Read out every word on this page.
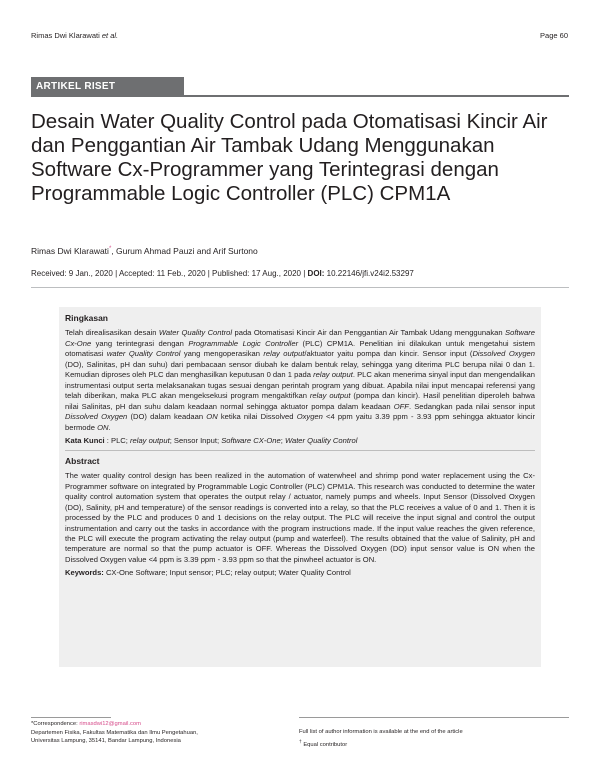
Rimas Dwi Klarawati et al.	Page 60
ARTIKEL RISET
Desain Water Quality Control pada Otomatisasi Kincir Air dan Penggantian Air Tambak Udang Menggunakan Software Cx-Programmer yang Terintegrasi dengan Programmable Logic Controller (PLC) CPM1A
Rimas Dwi Klarawati*, Gurum Ahmad Pauzi and Arif Surtono
Received: 9 Jan., 2020 | Accepted: 11 Feb., 2020 | Published: 17 Aug., 2020 | DOI: 10.22146/jfi.v24i2.53297
Ringkasan
Telah direalisasikan desain Water Quality Control pada Otomatisasi Kincir Air dan Penggantian Air Tambak Udang menggunakan Software Cx-One yang terintegrasi dengan Programmable Logic Controller (PLC) CPM1A. Penelitian ini dilakukan untuk mengetahui sistem otomatisasi water Quality Control yang mengoperasikan relay output/aktuator yaitu pompa dan kincir. Sensor input (Dissolved Oxygen (DO), Salinitas, pH dan suhu) dari pembacaan sensor diubah ke dalam bentuk relay, sehingga yang diterima PLC berupa nilai 0 dan 1. Kemudian diproses oleh PLC dan menghasilkan keputusan 0 dan 1 pada relay output. PLC akan menerima sinyal input dan mengendalikan instrumentasi output serta melaksanakan tugas sesuai dengan perintah program yang dibuat. Apabila nilai input mencapai referensi yang telah diberikan, maka PLC akan mengeksekusi program mengaktifkan relay output (pompa dan kincir). Hasil penelitian diperoleh bahwa nilai Salinitas, pH dan suhu dalam keadaan normal sehingga aktuator pompa dalam keadaan OFF. Sedangkan pada nilai sensor input Dissolved Oxygen (DO) dalam keadaan ON ketika nilai Dissolved Oxygen <4 ppm yaitu 3.39 ppm - 3.93 ppm sehingga aktuator kincir bermode ON.
Kata Kunci : PLC; relay output; Sensor Input; Software CX-One; Water Quality Control
Abstract
The water quality control design has been realized in the automation of waterwheel and shrimp pond water replacement using the Cx-Programmer software on integrated by Programmable Logic Controller (PLC) CPM1A. This research was conducted to determine the water quality control automation system that operates the output relay / actuator, namely pumps and wheels. Input Sensor (Dissolved Oxygen (DO), Salinity, pH and temperature) of the sensor readings is converted into a relay, so that the PLC receives a value of 0 and 1. Then it is processed by the PLC and produces 0 and 1 decisions on the relay output. The PLC will receive the input signal and control the output instrumentation and carry out the tasks in accordance with the program instructions made. If the input value reaches the given reference, the PLC will execute the program activating the relay output (pump and waterfeel). The results obtained that the value of Salinity, pH and temperature are normal so that the pump actuator is OFF. Whereas the Dissolved Oxygen (DO) input sensor value is ON when the Dissolved Oxygen value <4 ppm is 3.39 ppm - 3.93 ppm so that the pinwheel actuator is ON.
Keywords: CX-One Software; Input sensor; PLC; relay output; Water Quality Control
*Correspondence: rimasdwi12@gmail.com
Departemen Fisika, Fakultas Matematika dan Ilmu Pengetahuan,
Universitas Lampung, 35141, Bandar Lampung, Indonesia
Full list of author information is available at the end of the article
† Equal contributor
